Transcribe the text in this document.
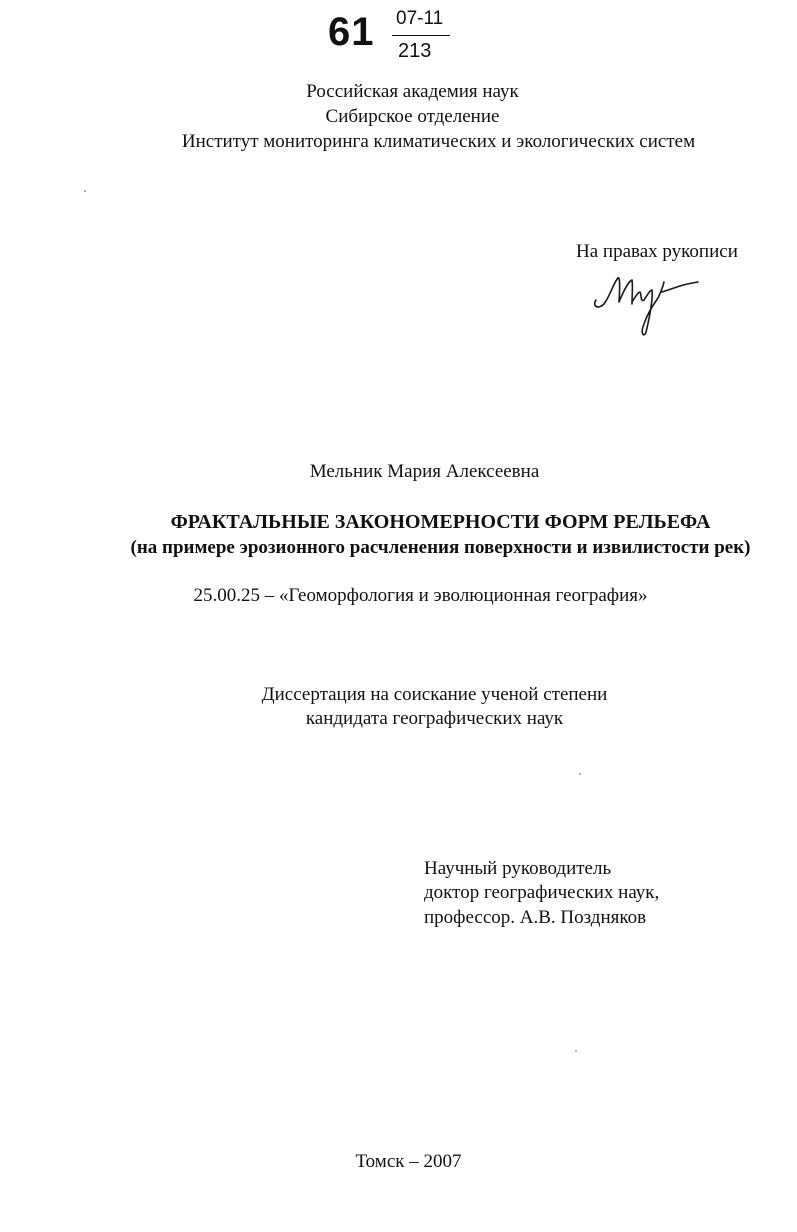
61 07-11
213
Российская академия наук
Сибирское отделение
Институт мониторинга климатических и экологических систем
На правах рукописи
Мельник Мария Алексеевна
ФРАКТАЛЬНЫЕ ЗАКОНОМЕРНОСТИ ФОРМ РЕЛЬЕФА
(на примере эрозионного расчленения поверхности и извилистости рек)
25.00.25 – «Геоморфология и эволюционная география»
Диссертация на соискание ученой степени
кандидата географических наук
Научный руководитель
доктор географических наук,
профессор. А.В. Поздняков
Томск – 2007
